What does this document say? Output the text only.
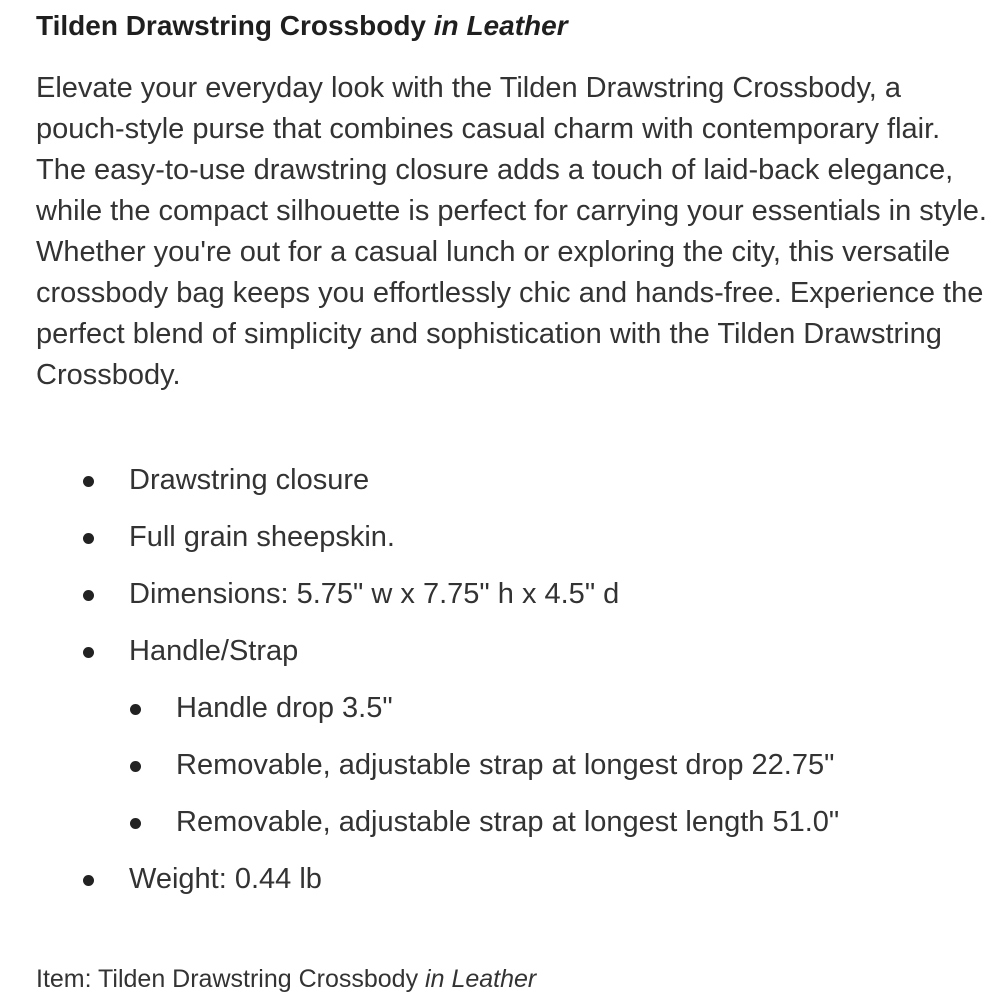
Tilden Drawstring Crossbody in Leather

Elevate your everyday look with the Tilden Drawstring Crossbody, a pouch-style purse that combines casual charm with contemporary flair. The easy-to-use drawstring closure adds a touch of laid-back elegance, while the compact silhouette is perfect for carrying your essentials in style. Whether you're out for a casual lunch or exploring the city, this versatile crossbody bag keeps you effortlessly chic and hands-free. Experience the perfect blend of simplicity and sophistication with the Tilden Drawstring Crossbody.

Drawstring closure
Full grain sheepskin.
Dimensions: 5.75" w x 7.75" h x 4.5" d
Handle/Strap
Handle drop 3.5"
Removable, adjustable strap at longest drop 22.75"
Removable, adjustable strap at longest length 51.0"
Weight: 0.44 lb
Item: Tilden Drawstring Crossbody in Leather
